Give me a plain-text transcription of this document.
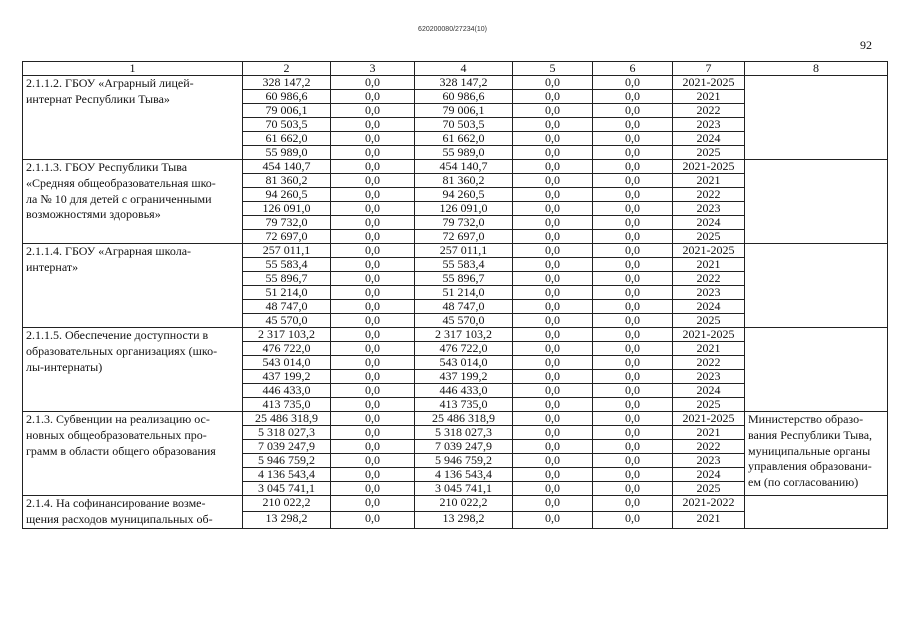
620200080/27234(10)
92
1	2	3	4	5	6	7	8
2.1.1.2. ГБОУ «Аграрный лицей-
интернат Республики Тыва»	328 147,2	0,0	328 147,2	0,0	0,0	2021-2025	
	60 986,6	0,0	60 986,6	0,0	0,0	2021	
	79 006,1	0,0	79 006,1	0,0	0,0	2022	
	70 503,5	0,0	70 503,5	0,0	0,0	2023	
	61 662,0	0,0	61 662,0	0,0	0,0	2024	
	55 989,0	0,0	55 989,0	0,0	0,0	2025	
2.1.1.3. ГБОУ Республики Тыва
«Средняя общеобразовательная шко-
ла № 10 для детей с ограниченными
возможностями здоровья»	454 140,7	0,0	454 140,7	0,0	0,0	2021-2025	
	81 360,2	0,0	81 360,2	0,0	0,0	2021	
	94 260,5	0,0	94 260,5	0,0	0,0	2022	
	126 091,0	0,0	126 091,0	0,0	0,0	2023	
	79 732,0	0,0	79 732,0	0,0	0,0	2024	
	72 697,0	0,0	72 697,0	0,0	0,0	2025	
2.1.1.4. ГБОУ «Аграрная школа-
интернат»	257 011,1	0,0	257 011,1	0,0	0,0	2021-2025	
	55 583,4	0,0	55 583,4	0,0	0,0	2021	
	55 896,7	0,0	55 896,7	0,0	0,0	2022	
	51 214,0	0,0	51 214,0	0,0	0,0	2023	
	48 747,0	0,0	48 747,0	0,0	0,0	2024	
	45 570,0	0,0	45 570,0	0,0	0,0	2025	
2.1.1.5. Обеспечение доступности в
образовательных организациях (шко-
лы-интернаты)	2 317 103,2	0,0	2 317 103,2	0,0	0,0	2021-2025	
	476 722,0	0,0	476 722,0	0,0	0,0	2021	
	543 014,0	0,0	543 014,0	0,0	0,0	2022	
	437 199,2	0,0	437 199,2	0,0	0,0	2023	
	446 433,0	0,0	446 433,0	0,0	0,0	2024	
	413 735,0	0,0	413 735,0	0,0	0,0	2025	
2.1.3. Субвенции на реализацию ос-
новных общеобразовательных про-
грамм в области общего образования	25 486 318,9	0,0	25 486 318,9	0,0	0,0	2021-2025	Министерство образо-
вания Республики Тыва,
муниципальные органы
управления образовани-
ем (по согласованию)
	5 318 027,3	0,0	5 318 027,3	0,0	0,0	2021	
	7 039 247,9	0,0	7 039 247,9	0,0	0,0	2022	
	5 946 759,2	0,0	5 946 759,2	0,0	0,0	2023	
	4 136 543,4	0,0	4 136 543,4	0,0	0,0	2024	
	3 045 741,1	0,0	3 045 741,1	0,0	0,0	2025	
2.1.4. На софинансирование возме-
щения расходов муниципальных об-	210 022,2	0,0	210 022,2	0,0	0,0	2021-2022	
	13 298,2	0,0	13 298,2	0,0	0,0	2021	
